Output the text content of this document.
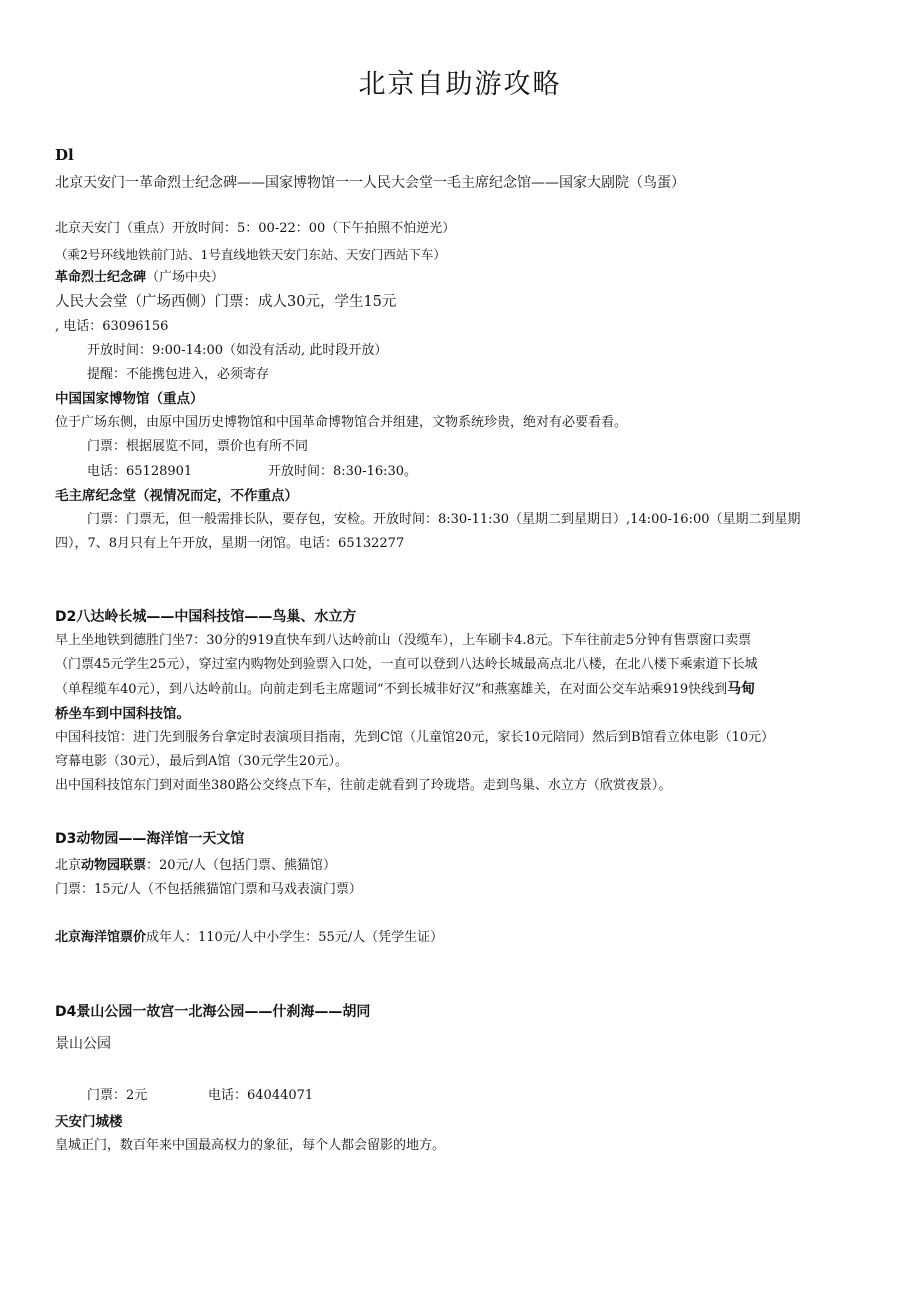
北京自助游攻略
Dl
北京天安门一革命烈士纪念碑——国家博物馆一一人民大会堂一毛主席纪念馆——国家大剧院（鸟蛋）
北京天安门（重点）开放时间：5：00-22：00（下午拍照不怕逆光）
（乘2号环线地铁前门站、1号直线地铁天安门东站、天安门西站下车）
革命烈士纪念碑（广场中央）
人民大会堂（广场西侧）门票：成人30元，学生15元
, 电话：63096156
开放时间：9:00-14:00（如没有活动, 此时段开放）
提醒：不能携包进入，必须寄存
中国国家博物馆（重点）
位于广场东侧，由原中国历史博物馆和中国革命博物馆合并组建，文物系统珍贵，绝对有必要看看。
门票：根据展览不同，票价也有所不同
电话：65128901	开放时间：8:30-16:30。
毛主席纪念堂（视情况而定，不作重点）
门票：门票无，但一般需排长队，要存包，安检。开放时间：8:30-11:30（星期二到星期日）,14:00-16:00（星期二到星期
四），7、8月只有上午开放，星期一闭馆。电话：65132277
D2八达岭长城——中国科技馆——鸟巢、水立方
早上坐地铁到德胜门坐7：30分的919直快车到八达岭前山（没缆车），上车刷卡4.8元。下车往前走5分钟有售票窗口卖票
（门票45元学生25元），穿过室内购物处到验票入口处，一直可以登到八达岭长城最高点北八楼，在北八楼下乘索道下长城
（单程缆车40元），到八达岭前山。向前走到毛主席题词“不到长城非好汉”和燕塞雄关，在对面公交车站乘919快线到马甸
桥坐车到中国科技馆。
中国科技馆：进门先到服务台拿定时表演项目指南，先到C馆（儿童馆20元，家长10元陪同）然后到B馆看立体电影（10元）
穹幕电影（30元），最后到A馆（30元学生20元）。
出中国科技馆东门到对面坐380路公交终点下车，往前走就看到了玲珑塔。走到鸟巢、水立方（欣赏夜景）。
D3动物园——海洋馆一天文馆
北京动物园联票：20元/人（包括门票、熊猫馆）
门票：15元/人（不包括熊猫馆门票和马戏表演门票）
北京海洋馆票价成年人：110元/人中小学生：55元/人（凭学生证）
D4景山公园一故宫一北海公园——什刹海——胡同
景山公园
门票：2元	电话：64044071
天安门城楼
皇城正门，数百年来中国最高权力的象征，每个人都会留影的地方。
